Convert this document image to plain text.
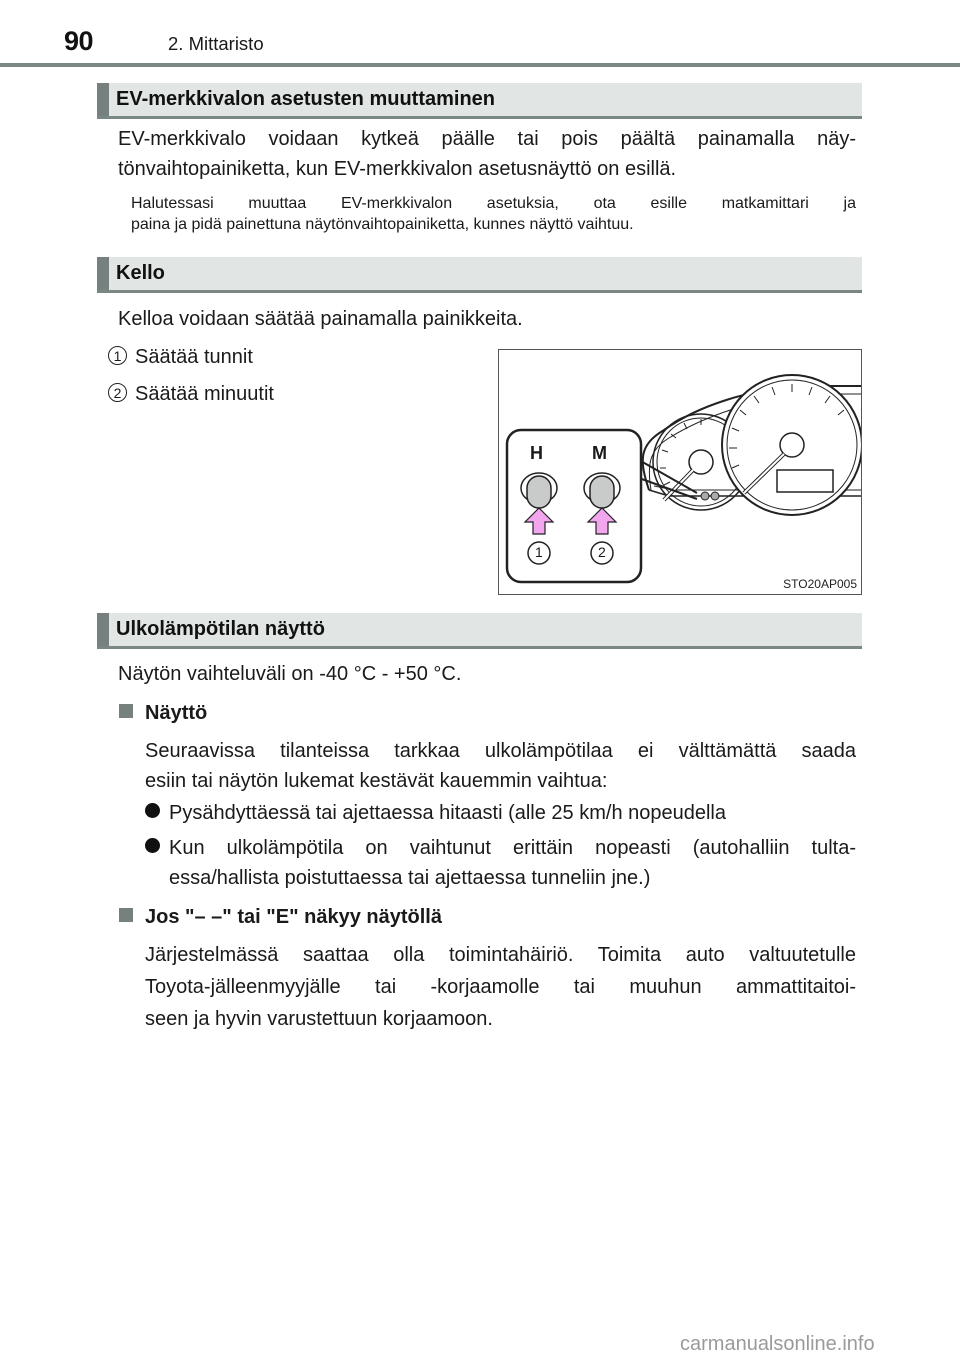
90	2. Mittaristo
EV-merkkivalon asetusten muuttaminen
EV-merkkivalo voidaan kytkeä päälle tai pois päältä painamalla näy-
tönvaihtopainiketta, kun EV-merkkivalon asetusnäyttö on esillä.
Halutessasi muuttaa EV-merkkivalon asetuksia, ota esille matkamittari ja
paina ja pidä painettuna näytönvaihtopainiketta, kunnes näyttö vaihtuu.
Kello
Kelloa voidaan säätää painamalla painikkeita.
1 Säätää tunnit
2 Säätää minuutit
H	M
1	2
STO20AP005
Ulkolämpötilan näyttö
Näytön vaihteluväli on -40 °C - +50 °C.
Näyttö
Seuraavissa tilanteissa tarkkaa ulkolämpötilaa ei välttämättä saada
esiin tai näytön lukemat kestävät kauemmin vaihtua:
Pysähdyttäessä tai ajettaessa hitaasti (alle 25 km/h nopeudella
Kun ulkolämpötila on vaihtunut erittäin nopeasti (autohalliin tulta-
essa/hallista poistuttaessa tai ajettaessa tunneliin jne.)
Jos "– –" tai "E" näkyy näytöllä
Järjestelmässä saattaa olla toimintahäiriö. Toimita auto valtuutetulle
Toyota-jälleenmyyjälle tai -korjaamolle tai muuhun ammattitaitoi-
seen ja hyvin varustettuun korjaamoon.
carmanualsonline.info
